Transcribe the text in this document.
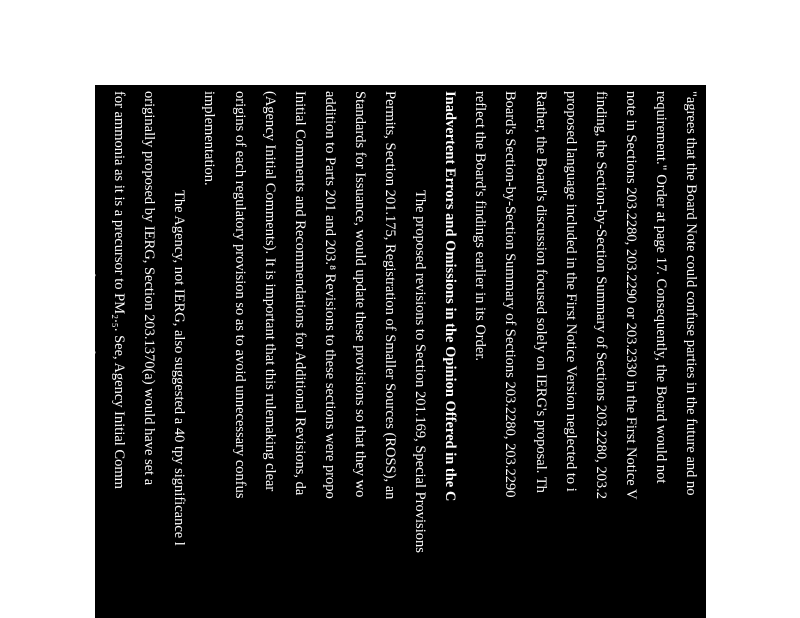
"agrees that the Board Note could confuse parties in the future and no
requirement." Order at page 17. Consequently, the Board would not
note in Sections 203.2280, 203.2290 or 203.2330 in the First Notice V
finding, the Section-by-Section Summary of Sections 203.2280, 203.2
proposed language included in the First Notice Version neglected to i
Rather, the Board's discussion focused solely on IERG's proposal. Th
Board's Section-by-Section Summary of Sections 203.2280, 203.2290
reflect the Board's findings earlier in its Order.
Inadvertent Errors and Omissions in the Opinion Offered in the C
The proposed revisions to Section 201.169, Special Provisions
Permits, Section 201.175, Registration of Smaller Sources (ROSS), an
Standards for Issuance, would update these provisions so that they wo
addition to Parts 201 and 203.⁸ Revisions to these sections were propo
Initial Comments and Recommendations for Additional Revisions, da
(Agency Initial Comments). It is important that this rulemaking clear
origins of each regulatory provision so as to avoid unnecessary confus
implementation.
The Agency, not IERG, also suggested a 40 tpy significance l
originally proposed by IERG, Section 203.1370(a) would have set a
for ammonia as it is a precursor to PM₂.₅. See, Agency Initial Comm
the Board decides to set a significance level for ammonia, absent det
